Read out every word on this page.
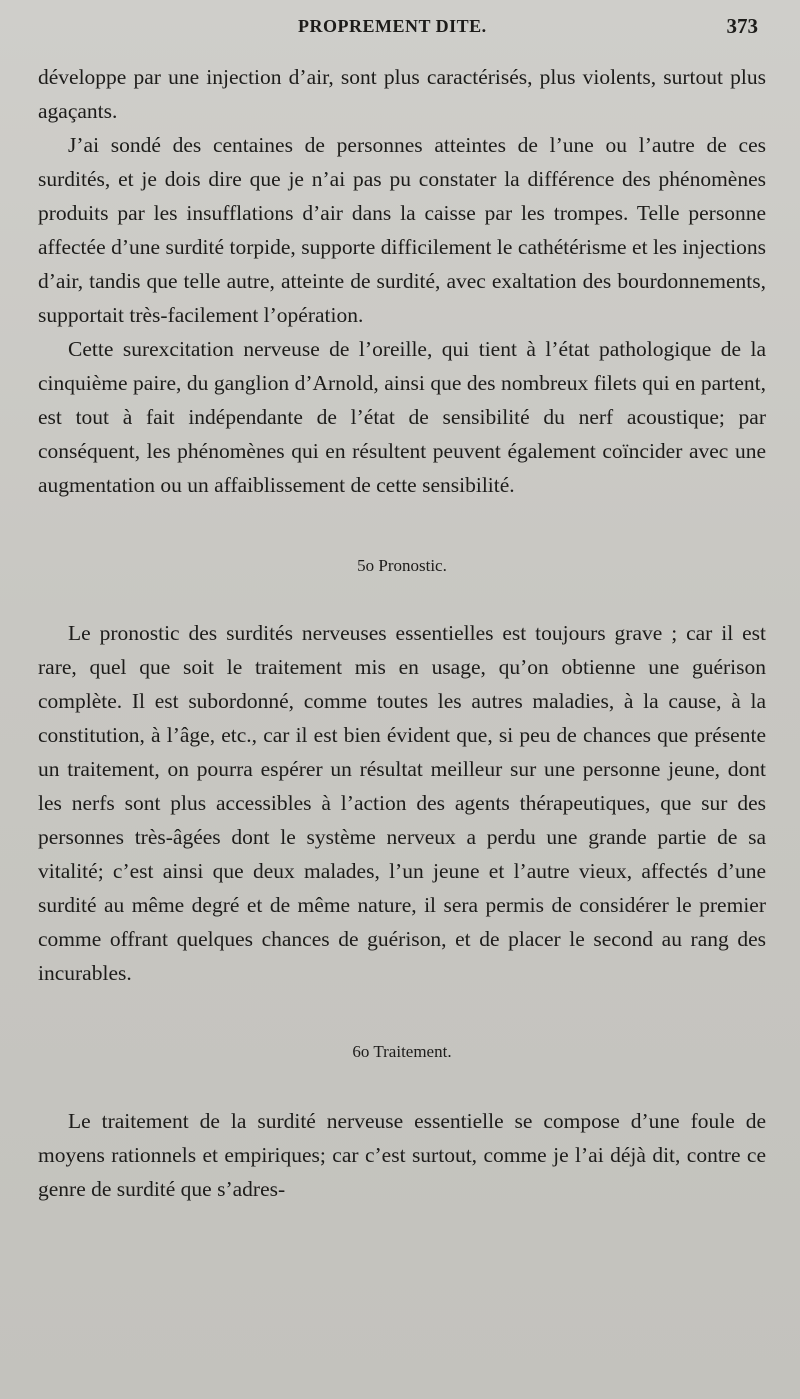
PROPREMENT DITE.	373

développe par une injection d’air, sont plus caractérisés, plus violents, surtout plus agaçants.

J’ai sondé des centaines de personnes atteintes de l’une ou l’autre de ces surdités, et je dois dire que je n’ai pas pu constater la différence des phénomènes produits par les insufflations d’air dans la caisse par les trompes. Telle personne affectée d’une surdité torpide, supporte difficilement le cathétérisme et les injections d’air, tandis que telle autre, atteinte de surdité, avec exaltation des bourdonnements, supportait très-facilement l’opération.

Cette surexcitation nerveuse de l’oreille, qui tient à l’état pathologique de la cinquième paire, du ganglion d’Arnold, ainsi que des nombreux filets qui en partent, est tout à fait indépendante de l’état de sensibilité du nerf acoustique; par conséquent, les phénomènes qui en résultent peuvent également coïncider avec une augmentation ou un affaiblissement de cette sensibilité.

5o Pronostic.

Le pronostic des surdités nerveuses essentielles est toujours grave ; car il est rare, quel que soit le traitement mis en usage, qu’on obtienne une guérison complète. Il est subordonné, comme toutes les autres maladies, à la cause, à la constitution, à l’âge, etc., car il est bien évident que, si peu de chances que présente un traitement, on pourra espérer un résultat meilleur sur une personne jeune, dont les nerfs sont plus accessibles à l’action des agents thérapeutiques, que sur des personnes très-âgées dont le système nerveux a perdu une grande partie de sa vitalité; c’est ainsi que deux malades, l’un jeune et l’autre vieux, affectés d’une surdité au même degré et de même nature, il sera permis de considérer le premier comme offrant quelques chances de guérison, et de placer le second au rang des incurables.

6o Traitement.

Le traitement de la surdité nerveuse essentielle se compose d’une foule de moyens rationnels et empiriques; car c’est surtout, comme je l’ai déjà dit, contre ce genre de surdité que s’adres-
